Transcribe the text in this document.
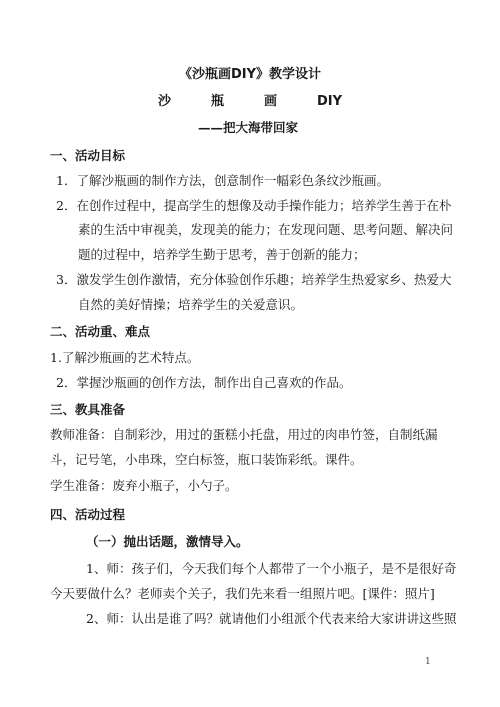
《沙瓶画DIY》教学设计
沙	瓶	画	DIY
——把大海带回家
一、活动目标
1．了解沙瓶画的制作方法，创意制作一幅彩色条纹沙瓶画。
2．在创作过程中，提高学生的想像及动手操作能力；培养学生善于在朴
素的生活中审视美，发现美的能力；在发现问题、思考问题、解决问
题的过程中，培养学生勤于思考，善于创新的能力；
3．激发学生创作激情，充分体验创作乐趣；培养学生热爱家乡、热爱大
自然的美好情操；培养学生的关爱意识。
二、活动重、难点
1.了解沙瓶画的艺术特点。
2．掌握沙瓶画的创作方法，制作出自己喜欢的作品。
三、教具准备
教师准备：自制彩沙，用过的蛋糕小托盘，用过的肉串竹签，自制纸漏
斗，记号笔，小串珠，空白标签，瓶口装饰彩纸。课件。
学生准备：废弃小瓶子，小勺子。
四、活动过程
（一）抛出话题，激情导入。
1、师：孩子们，今天我们每个人都带了一个小瓶子，是不是很好奇
今天要做什么？老师卖个关子，我们先来看一组照片吧。[课件：照片]
2、师：认出是谁了吗？就请他们小组派个代表来给大家讲讲这些照
1
